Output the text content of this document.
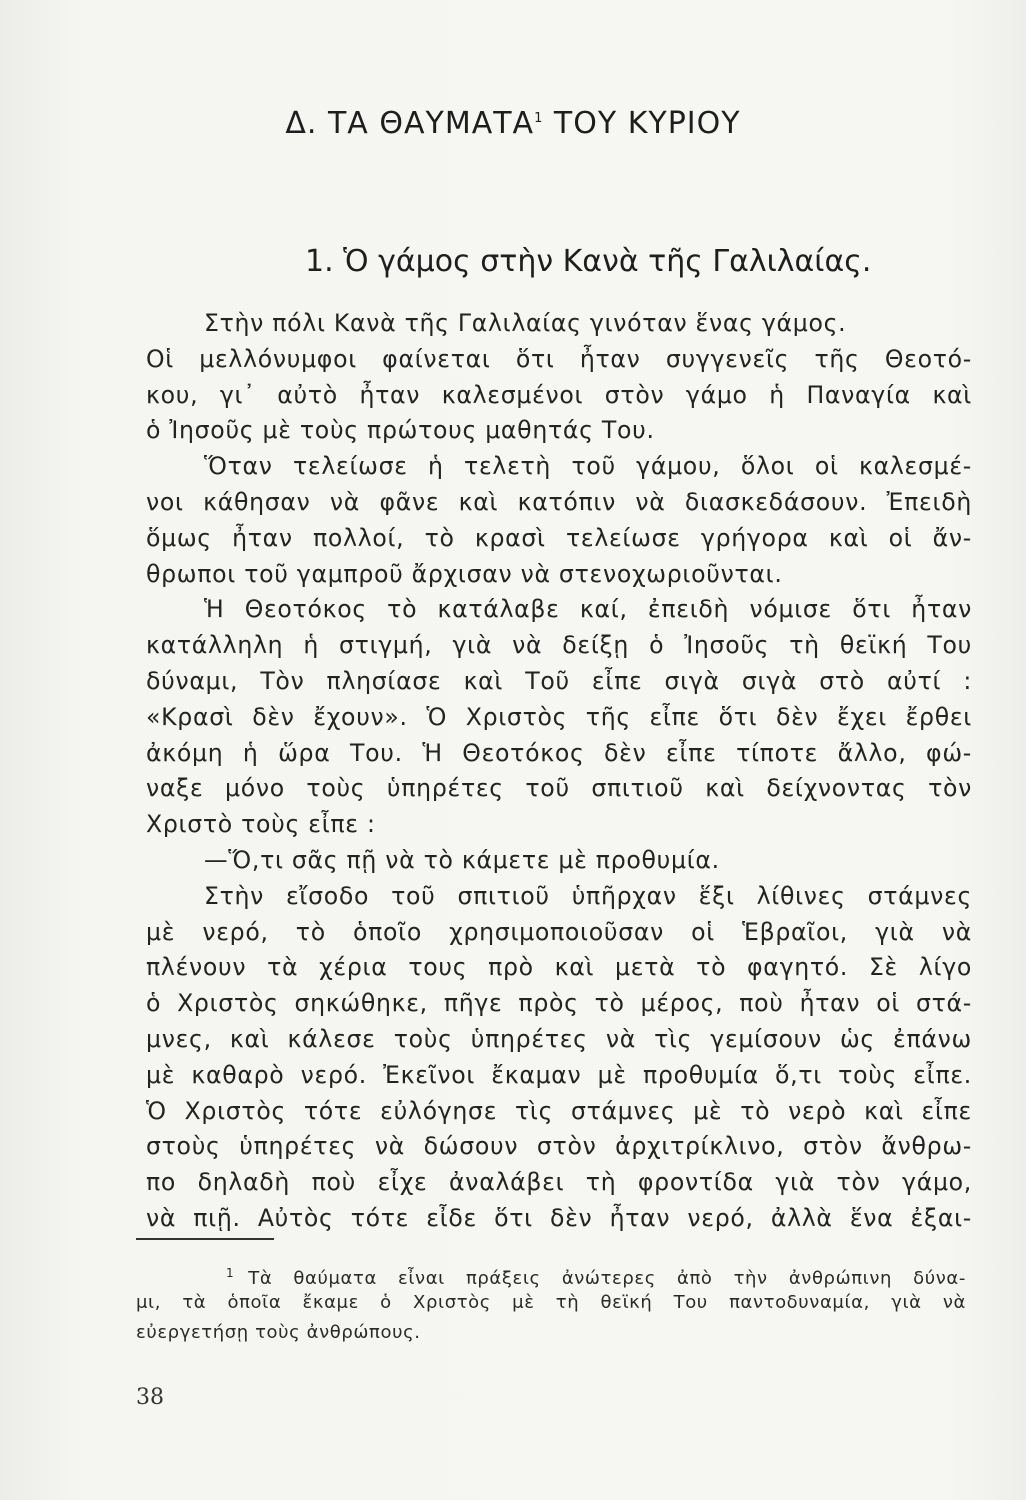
Δ. ΤΑ ΘΑΥΜΑΤΑ$^1$ ΤΟΥ ΚΥΡΙΟΥ
1. Ὁ γάμος στὴν Κανὰ τῆς Γαλιλαίας.
Στὴν πόλι Κανὰ τῆς Γαλιλαίας γινόταν ἕνας γάμος.
Οἱ μελλόνυμφοι φαίνεται ὅτι ἦταν συγγενεῖς τῆς Θεοτό-
κου, γι᾽ αὐτὸ ἦταν καλεσμένοι στὸν γάμο ἡ Παναγία καὶ
ὁ Ἰησοῦς μὲ τοὺς πρώτους μαθητάς Του.
Ὅταν τελείωσε ἡ τελετὴ τοῦ γάμου, ὅλοι οἱ καλεσμέ-
νοι κάθησαν νὰ φᾶνε καὶ κατόπιν νὰ διασκεδάσουν. Ἐπειδὴ
ὅμως ἦταν πολλοί, τὸ κρασὶ τελείωσε γρήγορα καὶ οἱ ἄν-
θρωποι τοῦ γαμπροῦ ἄρχισαν νὰ στενοχωριοῦνται.
Ἡ Θεοτόκος τὸ κατάλαβε καί, ἐπειδὴ νόμισε ὅτι ἦταν
κατάλληλη ἡ στιγμή, γιὰ νὰ δείξῃ ὁ Ἰησοῦς τὴ θεϊκή Του
δύναμι, Τὸν πλησίασε καὶ Τοῦ εἶπε σιγὰ σιγὰ στὸ αὐτί :
«Κρασὶ δὲν ἔχουν». Ὁ Χριστὸς τῆς εἶπε ὅτι δὲν ἔχει ἔρθει
ἀκόμη ἡ ὥρα Του. Ἡ Θεοτόκος δὲν εἶπε τίποτε ἄλλο, φώ-
ναξε μόνο τοὺς ὑπηρέτες τοῦ σπιτιοῦ καὶ δείχνοντας τὸν
Χριστὸ τοὺς εἶπε :
—Ὅ,τι σᾶς πῇ νὰ τὸ κάμετε μὲ προθυμία.
Στὴν εἴσοδο τοῦ σπιτιοῦ ὑπῆρχαν ἕξι λίθινες στάμνες
μὲ νερό, τὸ ὁποῖο χρησιμοποιοῦσαν οἱ Ἑβραῖοι, γιὰ νὰ
πλένουν τὰ χέρια τους πρὸ καὶ μετὰ τὸ φαγητό. Σὲ λίγο
ὁ Χριστὸς σηκώθηκε, πῆγε πρὸς τὸ μέρος, ποὺ ἦταν οἱ στά-
μνες, καὶ κάλεσε τοὺς ὑπηρέτες νὰ τὶς γεμίσουν ὡς ἐπάνω
μὲ καθαρὸ νερό. Ἐκεῖνοι ἔκαμαν μὲ προθυμία ὅ,τι τοὺς εἶπε.
Ὁ Χριστὸς τότε εὐλόγησε τὶς στάμνες μὲ τὸ νερὸ καὶ εἶπε
στοὺς ὑπηρέτες νὰ δώσουν στὸν ἀρχιτρίκλινο, στὸν ἄνθρω-
πο δηλαδὴ ποὺ εἶχε ἀναλάβει τὴ φροντίδα γιὰ τὸν γάμο,
νὰ πιῇ. Αὐτὸς τότε εἶδε ὅτι δὲν ἦταν νερό, ἀλλὰ ἕνα ἐξαι-
$^1$ Τὰ θαύματα εἶναι πράξεις ἀνώτερες ἀπὸ τὴν ἀνθρώπινη δύνα-
μι, τὰ ὁποῖα ἔκαμε ὁ Χριστὸς μὲ τὴ θεϊκή Του παντοδυναμία, γιὰ νὰ
εὐεργετήσῃ τοὺς ἀνθρώπους.
38
